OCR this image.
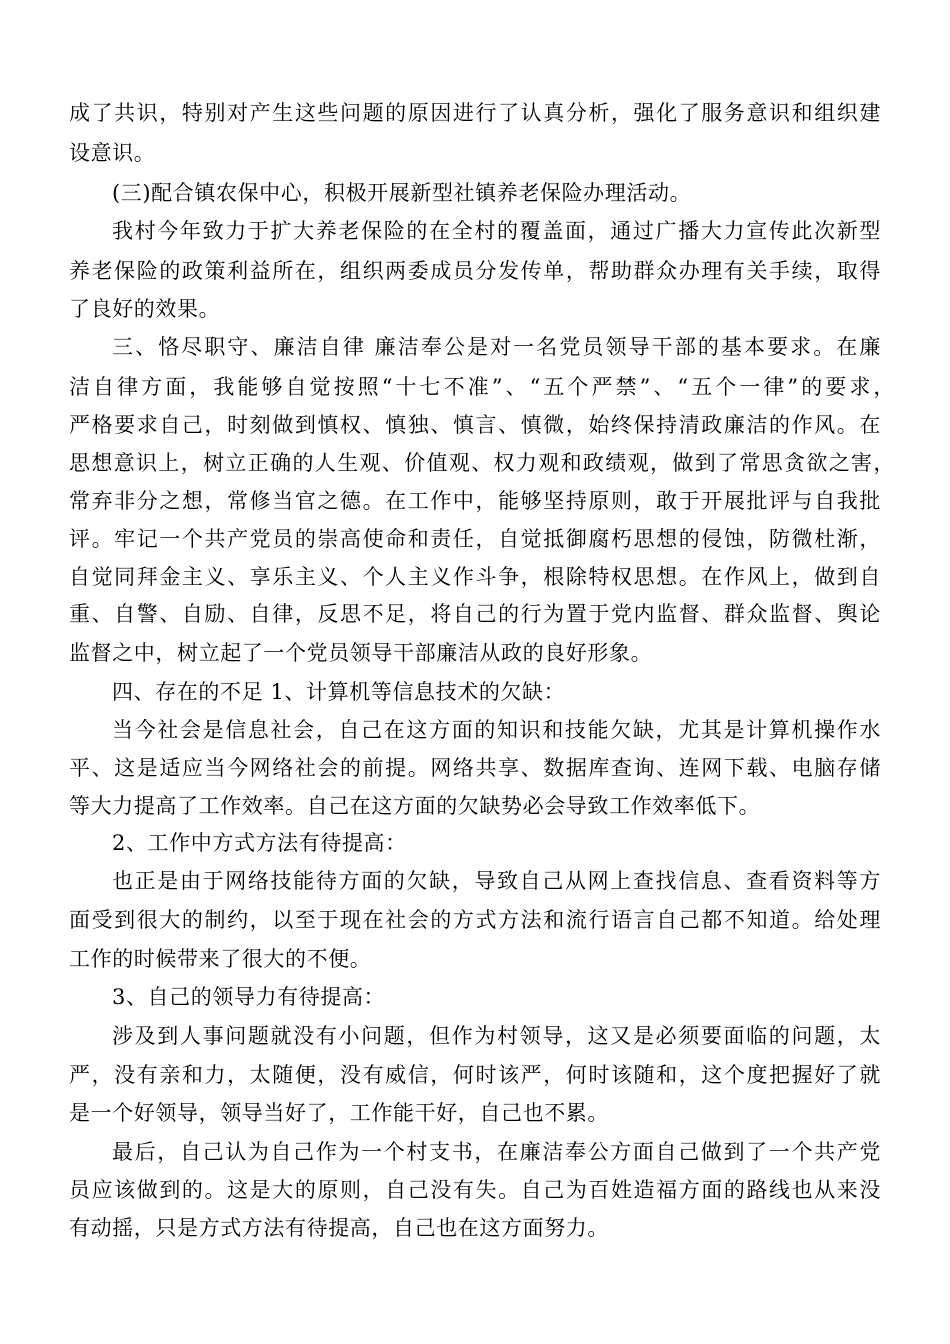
成了共识，特别对产生这些问题的原因进行了认真分析，强化了服务意识和组织建
设意识。
(三)配合镇农保中心，积极开展新型社镇养老保险办理活动。
我村今年致力于扩大养老保险的在全村的覆盖面，通过广播大力宣传此次新型
养老保险的政策利益所在，组织两委成员分发传单，帮助群众办理有关手续，取得
了良好的效果。
三、恪尽职守、廉洁自律 廉洁奉公是对一名党员领导干部的基本要求。在廉
洁自律方面，我能够自觉按照“十七不准”、“五个严禁”、“五个一律”的要求，
严格要求自己，时刻做到慎权、慎独、慎言、慎微，始终保持清政廉洁的作风。在
思想意识上，树立正确的人生观、价值观、权力观和政绩观，做到了常思贪欲之害，
常弃非分之想，常修当官之德。在工作中，能够坚持原则，敢于开展批评与自我批
评。牢记一个共产党员的崇高使命和责任，自觉抵御腐朽思想的侵蚀，防微杜渐，
自觉同拜金主义、享乐主义、个人主义作斗争，根除特权思想。在作风上，做到自
重、自警、自励、自律，反思不足，将自己的行为置于党内监督、群众监督、舆论
监督之中，树立起了一个党员领导干部廉洁从政的良好形象。
四、存在的不足 1、计算机等信息技术的欠缺：
当今社会是信息社会，自己在这方面的知识和技能欠缺，尤其是计算机操作水
平、这是适应当今网络社会的前提。网络共享、数据库查询、连网下载、电脑存储
等大力提高了工作效率。自己在这方面的欠缺势必会导致工作效率低下。
2、工作中方式方法有待提高：
也正是由于网络技能待方面的欠缺，导致自己从网上查找信息、查看资料等方
面受到很大的制约，以至于现在社会的方式方法和流行语言自己都不知道。给处理
工作的时候带来了很大的不便。
3、自己的领导力有待提高：
涉及到人事问题就没有小问题，但作为村领导，这又是必须要面临的问题，太
严，没有亲和力，太随便，没有威信，何时该严，何时该随和，这个度把握好了就
是一个好领导，领导当好了，工作能干好，自己也不累。
最后，自己认为自己作为一个村支书，在廉洁奉公方面自己做到了一个共产党
员应该做到的。这是大的原则，自己没有失。自己为百姓造福方面的路线也从来没
有动摇，只是方式方法有待提高，自己也在这方面努力。
